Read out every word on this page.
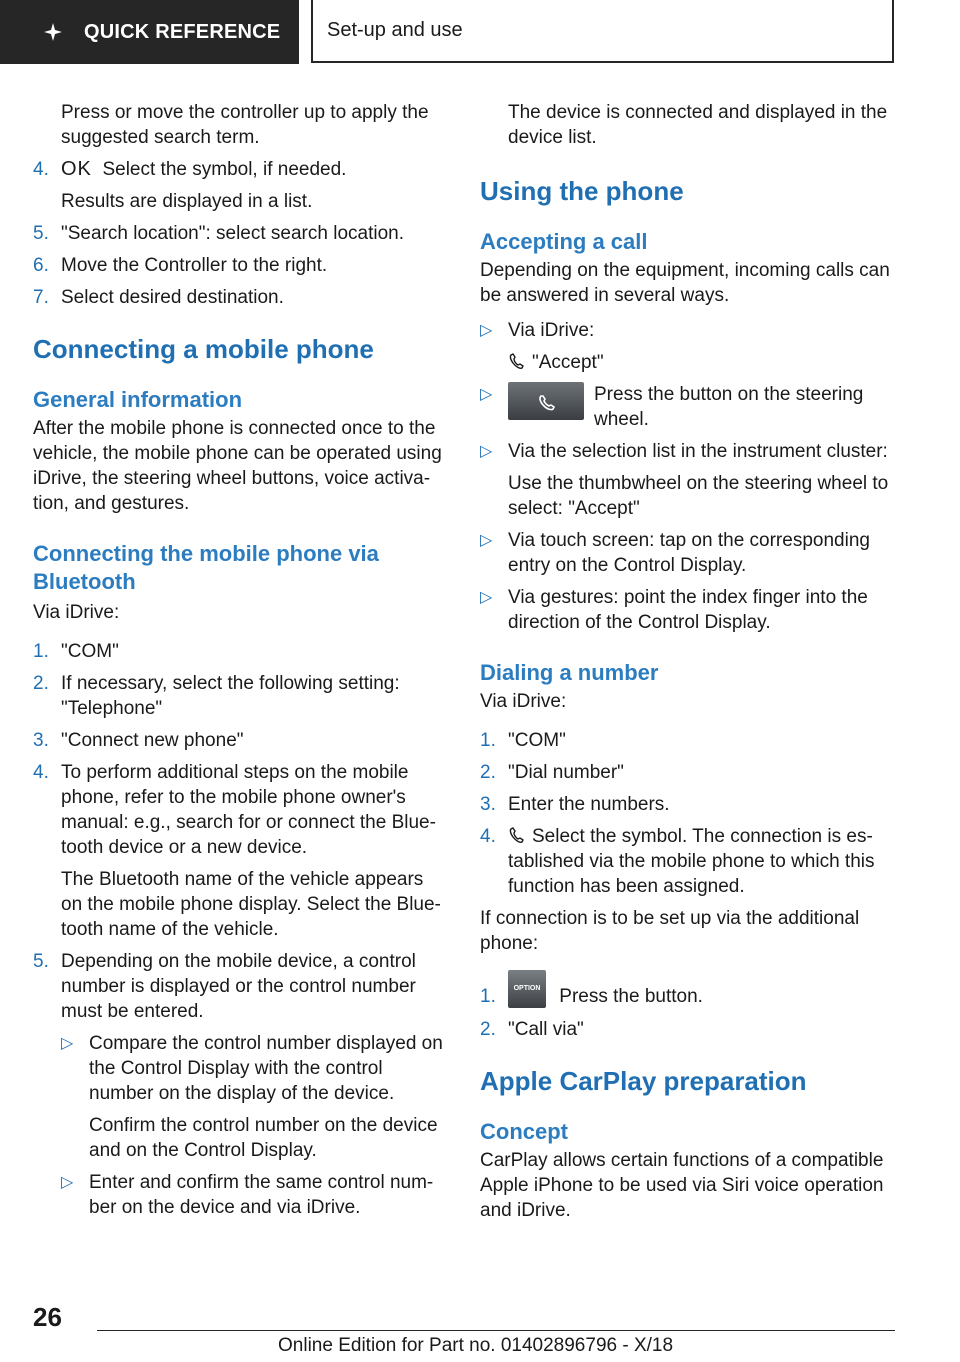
QUICK REFERENCE Set-up and use

Press or move the controller up to apply the suggested search term.

4. OK Select the symbol, if needed.

Results are displayed in a list.

5. "Search location": select search location.
6. Move the Controller to the right.
7. Select desired destination.
Connecting a mobile phone
General information

After the mobile phone is connected once to the vehicle, the mobile phone can be operated using iDrive, the steering wheel buttons, voice activa-tion, and gestures.

Connecting the mobile phone via Bluetooth

Via iDrive:

1. "COM"
2. If necessary, select the following setting: "Telephone"
3. "Connect new phone"
4. To perform additional steps on the mobile phone, refer to the mobile phone owner's manual: e.g., search for or connect the Blue-tooth device or a new device.

The Bluetooth name of the vehicle appears on the mobile phone display. Select the Blue-tooth name of the vehicle.

5. Depending on the mobile device, a control number is displayed or the control number must be entered.
▷ Compare the control number displayed on the Control Display with the control number on the display of the device.

Confirm the control number on the device and on the Control Display.

▷ Enter and confirm the same control num-ber on the device and via iDrive.

The device is connected and displayed in the device list.

Using the phone
Accepting a call

Depending on the equipment, incoming calls can be answered in several ways.

▷ Via iDrive:

"Accept"

▷	Press the button on the steering wheel.
▷ Via the selection list in the instrument cluster:

Use the thumbwheel on the steering wheel to select: "Accept"

▷ Via touch screen: tap on the corresponding entry on the Control Display.
▷ Via gestures: point the index finger into the direction of the Control Display.
Dialing a number

Via iDrive:

1. "COM"
2. "Dial number"
3. Enter the numbers.
4. Select the symbol. The connection is es-tablished via the mobile phone to which this function has been assigned.

If connection is to be set up via the additional phone:

1.	OPTION Press the button.
2. "Call via"
Apple CarPlay preparation
Concept

CarPlay allows certain functions of a compatible Apple iPhone to be used via Siri voice operation and iDrive.

26
Online Edition for Part no. 01402896796 - X/18
